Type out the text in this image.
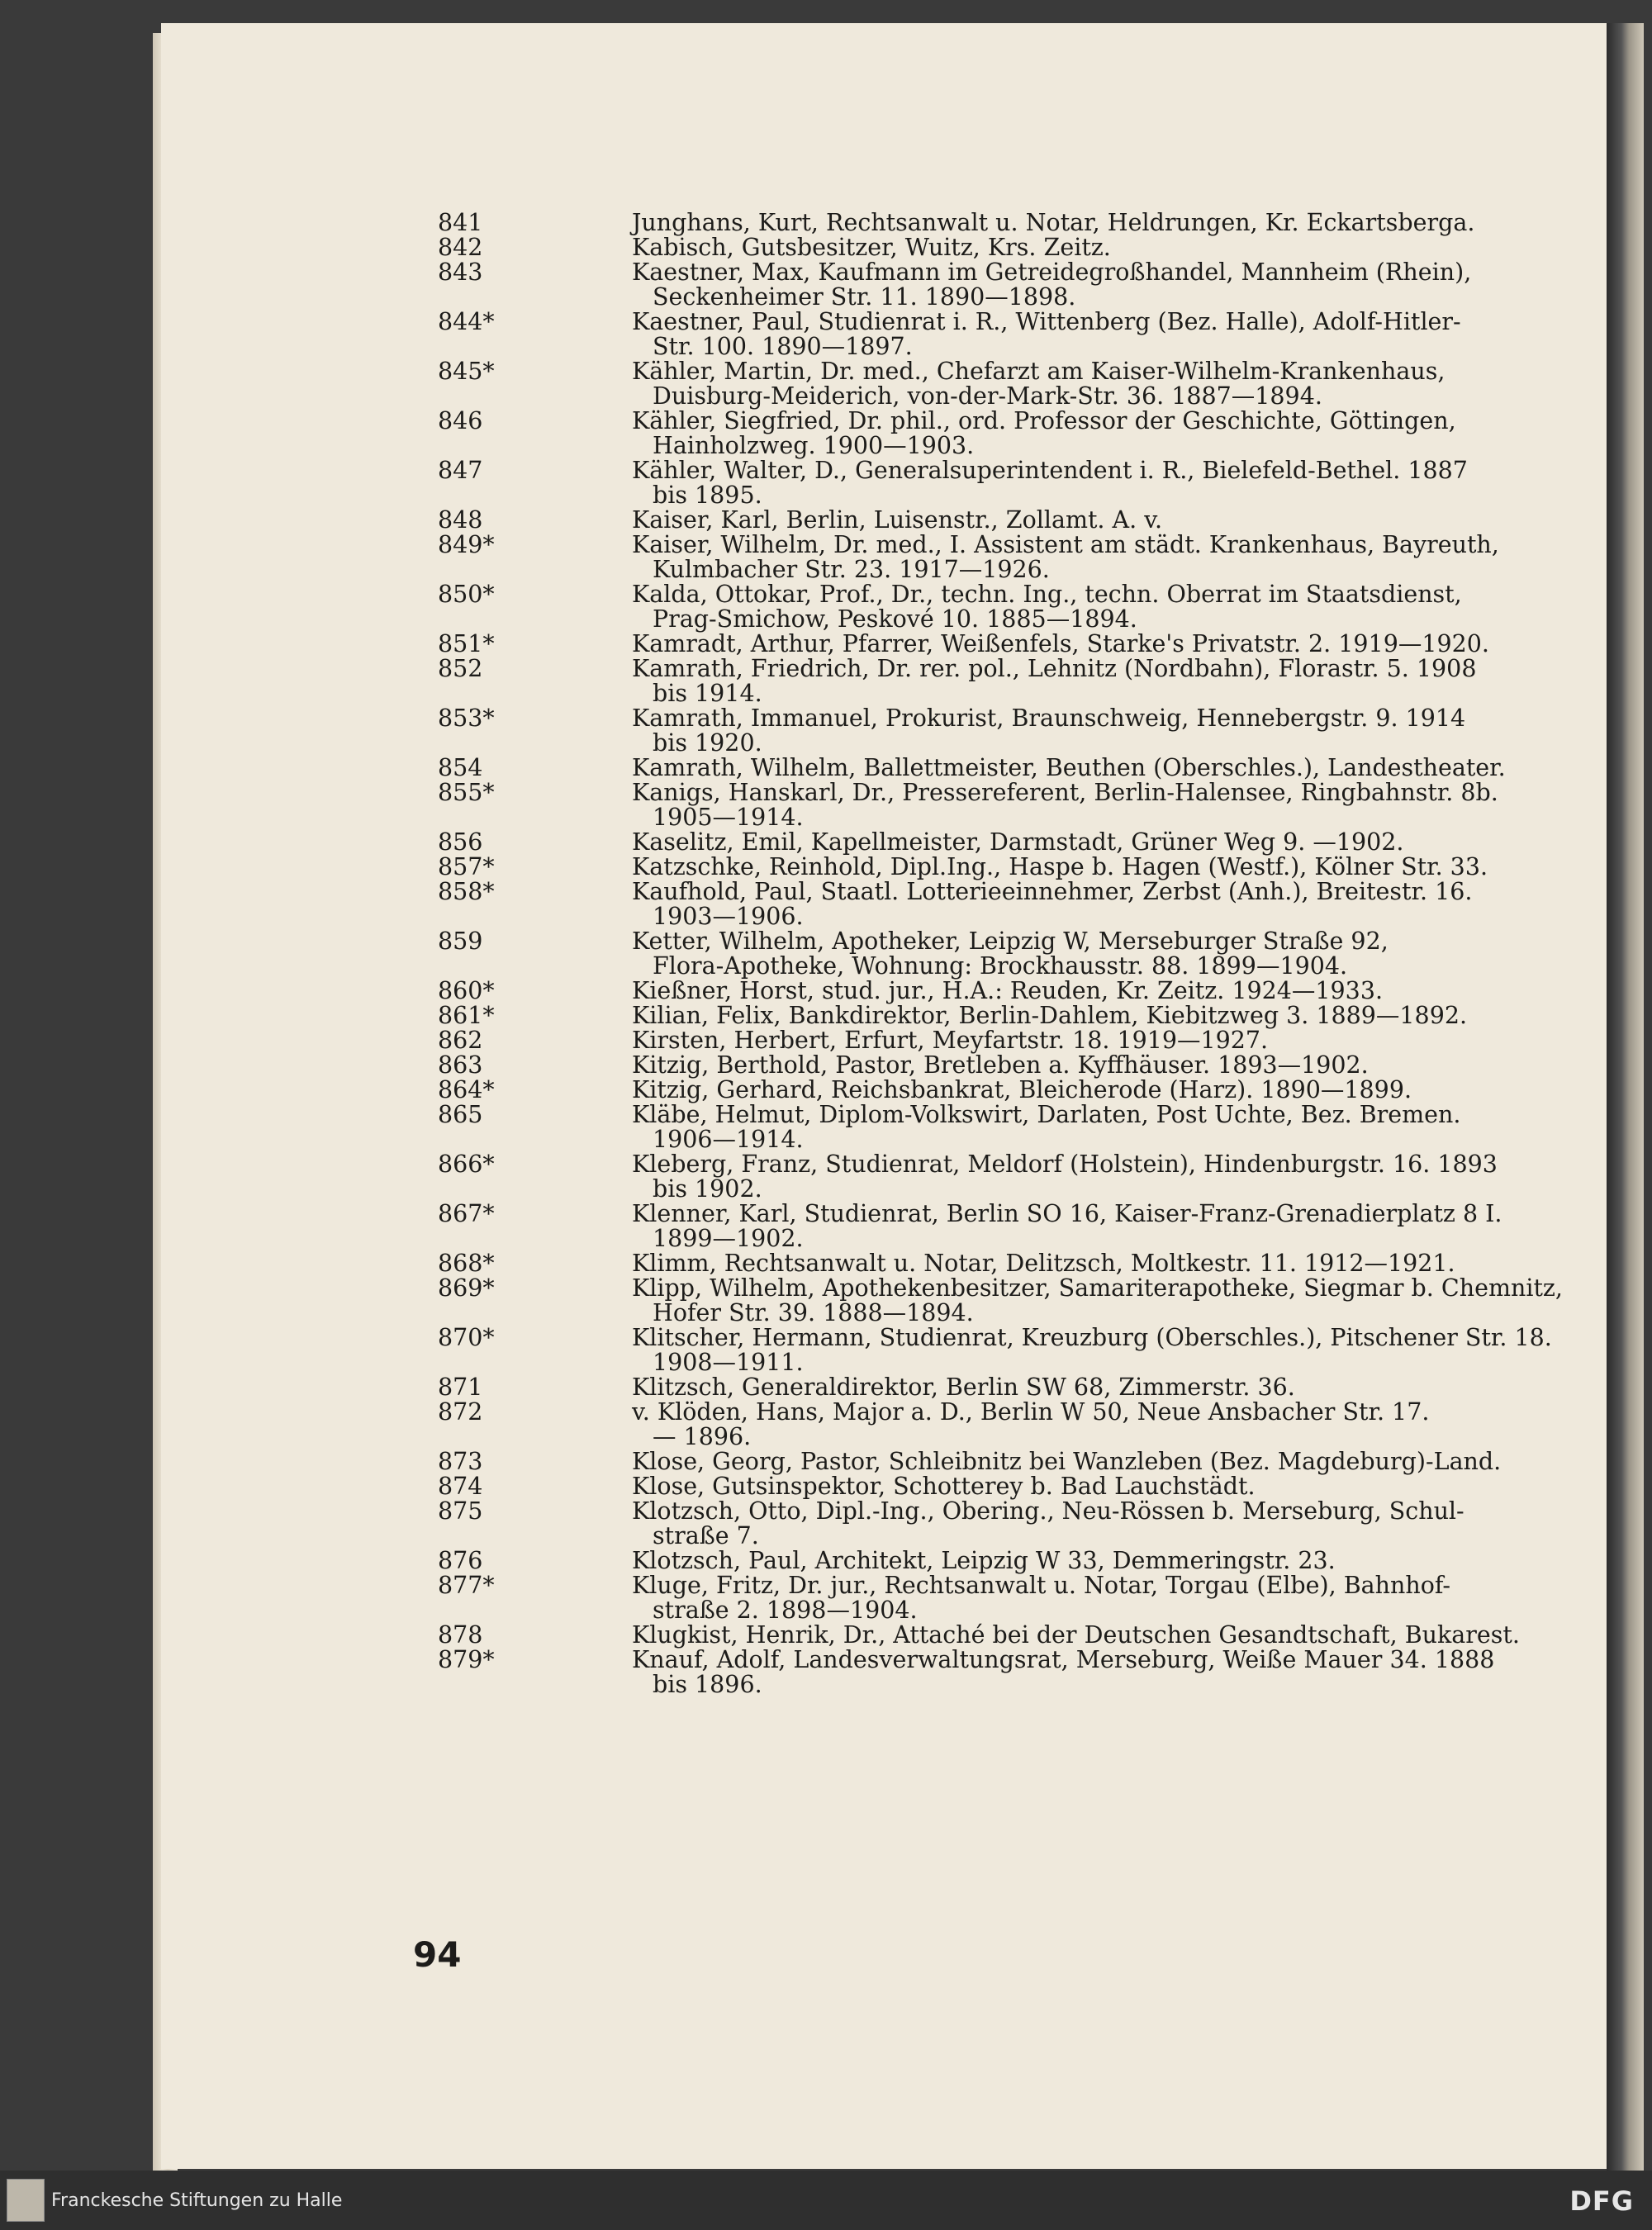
841	Junghans, Kurt, Rechtsanwalt u. Notar, Heldrungen, Kr. Eckartsberga.
842	Kabisch, Gutsbesitzer, Wuitz, Krs. Zeitz.
843	Kaestner, Max, Kaufmann im Getreidegroßhandel, Mannheim (Rhein),
Seckenheimer Str. 11. 1890—1898.
844*	Kaestner, Paul, Studienrat i. R., Wittenberg (Bez. Halle), Adolf-Hitler-
Str. 100. 1890—1897.
845*	Kähler, Martin, Dr. med., Chefarzt am Kaiser-Wilhelm-Krankenhaus,
Duisburg-Meiderich, von-der-Mark-Str. 36. 1887—1894.
846	Kähler, Siegfried, Dr. phil., ord. Professor der Geschichte, Göttingen,
Hainholzweg. 1900—1903.
847	Kähler, Walter, D., Generalsuperintendent i. R., Bielefeld-Bethel. 1887
bis 1895.
848	Kaiser, Karl, Berlin, Luisenstr., Zollamt. A. v.
849*	Kaiser, Wilhelm, Dr. med., I. Assistent am städt. Krankenhaus, Bayreuth,
Kulmbacher Str. 23. 1917—1926.
850*	Kalda, Ottokar, Prof., Dr., techn. Ing., techn. Oberrat im Staatsdienst,
Prag-Smichow, Peskové 10. 1885—1894.
851*	Kamradt, Arthur, Pfarrer, Weißenfels, Starke's Privatstr. 2. 1919—1920.
852	Kamrath, Friedrich, Dr. rer. pol., Lehnitz (Nordbahn), Florastr. 5. 1908
bis 1914.
853*	Kamrath, Immanuel, Prokurist, Braunschweig, Hennebergstr. 9. 1914
bis 1920.
854	Kamrath, Wilhelm, Ballettmeister, Beuthen (Oberschles.), Landestheater.
855*	Kanigs, Hanskarl, Dr., Pressereferent, Berlin-Halensee, Ringbahnstr. 8b.
1905—1914.
856	Kaselitz, Emil, Kapellmeister, Darmstadt, Grüner Weg 9. —1902.
857*	Katzschke, Reinhold, Dipl.Ing., Haspe b. Hagen (Westf.), Kölner Str. 33.
858*	Kaufhold, Paul, Staatl. Lotterieeinnehmer, Zerbst (Anh.), Breitestr. 16.
1903—1906.
859	Ketter, Wilhelm, Apotheker, Leipzig W, Merseburger Straße 92,
Flora-Apotheke, Wohnung: Brockhausstr. 88. 1899—1904.
860*	Kießner, Horst, stud. jur., H.A.: Reuden, Kr. Zeitz. 1924—1933.
861*	Kilian, Felix, Bankdirektor, Berlin-Dahlem, Kiebitzweg 3. 1889—1892.
862	Kirsten, Herbert, Erfurt, Meyfartstr. 18. 1919—1927.
863	Kitzig, Berthold, Pastor, Bretleben a. Kyffhäuser. 1893—1902.
864*	Kitzig, Gerhard, Reichsbankrat, Bleicherode (Harz). 1890—1899.
865	Kläbe, Helmut, Diplom-Volkswirt, Darlaten, Post Uchte, Bez. Bremen.
1906—1914.
866*	Kleberg, Franz, Studienrat, Meldorf (Holstein), Hindenburgstr. 16. 1893
bis 1902.
867*	Klenner, Karl, Studienrat, Berlin SO 16, Kaiser-Franz-Grenadierplatz 8 I.
1899—1902.
868*	Klimm, Rechtsanwalt u. Notar, Delitzsch, Moltkestr. 11. 1912—1921.
869*	Klipp, Wilhelm, Apothekenbesitzer, Samariterapotheke, Siegmar b. Chemnitz,
Hofer Str. 39. 1888—1894.
870*	Klitscher, Hermann, Studienrat, Kreuzburg (Oberschles.), Pitschener Str. 18.
1908—1911.
871	Klitzsch, Generaldirektor, Berlin SW 68, Zimmerstr. 36.
872	v. Klöden, Hans, Major a. D., Berlin W 50, Neue Ansbacher Str. 17.
— 1896.
873	Klose, Georg, Pastor, Schleibnitz bei Wanzleben (Bez. Magdeburg)-Land.
874	Klose, Gutsinspektor, Schotterey b. Bad Lauchstädt.
875	Klotzsch, Otto, Dipl.-Ing., Obering., Neu-Rössen b. Merseburg, Schul-
straße 7.
876	Klotzsch, Paul, Architekt, Leipzig W 33, Demmeringstr. 23.
877*	Kluge, Fritz, Dr. jur., Rechtsanwalt u. Notar, Torgau (Elbe), Bahnhof-
straße 2. 1898—1904.
878	Klugkist, Henrik, Dr., Attaché bei der Deutschen Gesandtschaft, Bukarest.
879*	Knauf, Adolf, Landesverwaltungsrat, Merseburg, Weiße Mauer 34. 1888
bis 1896.
94
Franckesche Stiftungen zu Halle	DFG
